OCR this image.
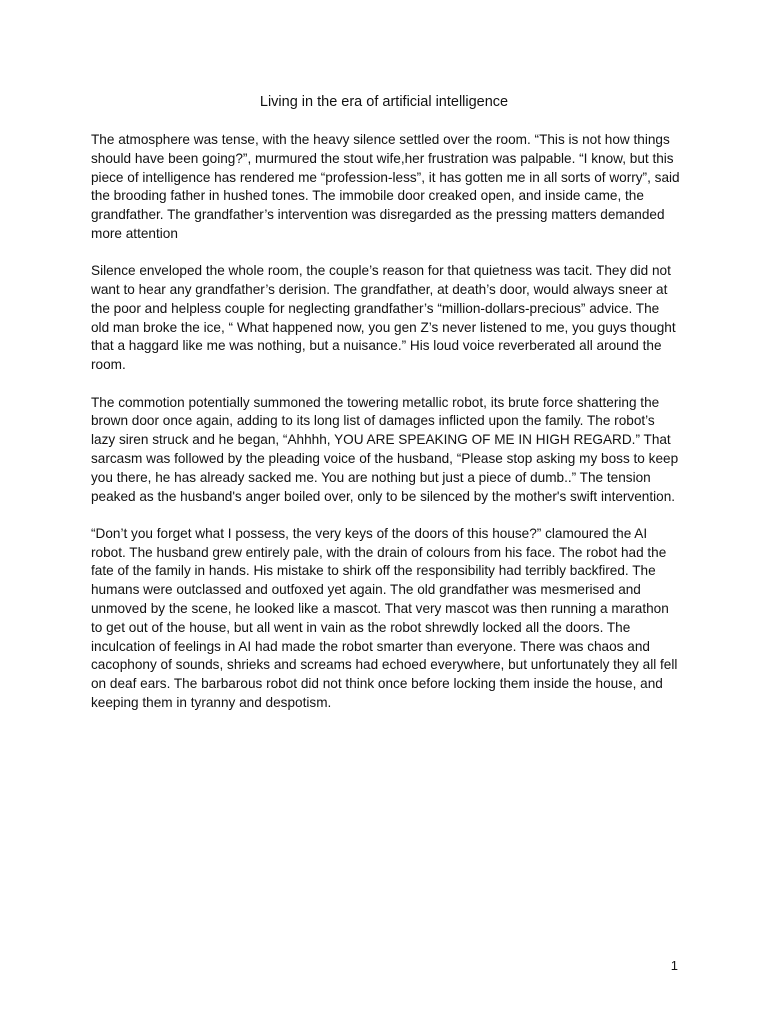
Living in the era of artificial intelligence

The atmosphere was tense, with the heavy silence settled over the room. “This is not how things should have been going?”, murmured the stout wife,her frustration was palpable. “I know, but this piece of intelligence has rendered me “profession-less”, it has gotten me in all sorts of worry”, said the brooding father in hushed tones. The immobile door creaked open, and inside came, the grandfather. The grandfather’s intervention was disregarded as the pressing matters demanded more attention

Silence enveloped the whole room, the couple’s reason for that quietness was tacit. They did not want to hear any grandfather’s derision. The grandfather, at death’s door, would always sneer at the poor and helpless couple for neglecting grandfather’s “million-dollars-precious” advice. The old man broke the ice, “ What happened now, you gen Z’s never listened to me, you guys thought that a haggard like me was nothing, but a nuisance.” His loud voice reverberated all around the room.

The commotion potentially summoned the towering metallic robot, its brute force shattering the brown door once again, adding to its long list of damages inflicted upon the family. The robot’s lazy siren struck and he began, “Ahhhh, YOU ARE SPEAKING OF ME IN HIGH REGARD.” That sarcasm was followed by the pleading voice of the husband, “Please stop asking my boss to keep you there, he has already sacked me. You are nothing but just a piece of dumb..” The tension peaked as the husband's anger boiled over, only to be silenced by the mother's swift intervention.

“Don’t you forget what I possess, the very keys of the doors of this house?” clamoured the AI robot. The husband grew entirely pale, with the drain of colours from his face. The robot had the fate of the family in hands. His mistake to shirk off the responsibility had terribly backfired. The humans were outclassed and outfoxed yet again. The old grandfather was mesmerised and unmoved by the scene, he looked like a mascot. That very mascot was then running a marathon to get out of the house, but all went in vain as the robot shrewdly locked all the doors. The inculcation of feelings in AI had made the robot smarter than everyone. There was chaos and cacophony of sounds, shrieks and screams had echoed everywhere, but unfortunately they all fell on deaf ears. The barbarous robot did not think once before locking them inside the house, and keeping them in tyranny and despotism.

1
